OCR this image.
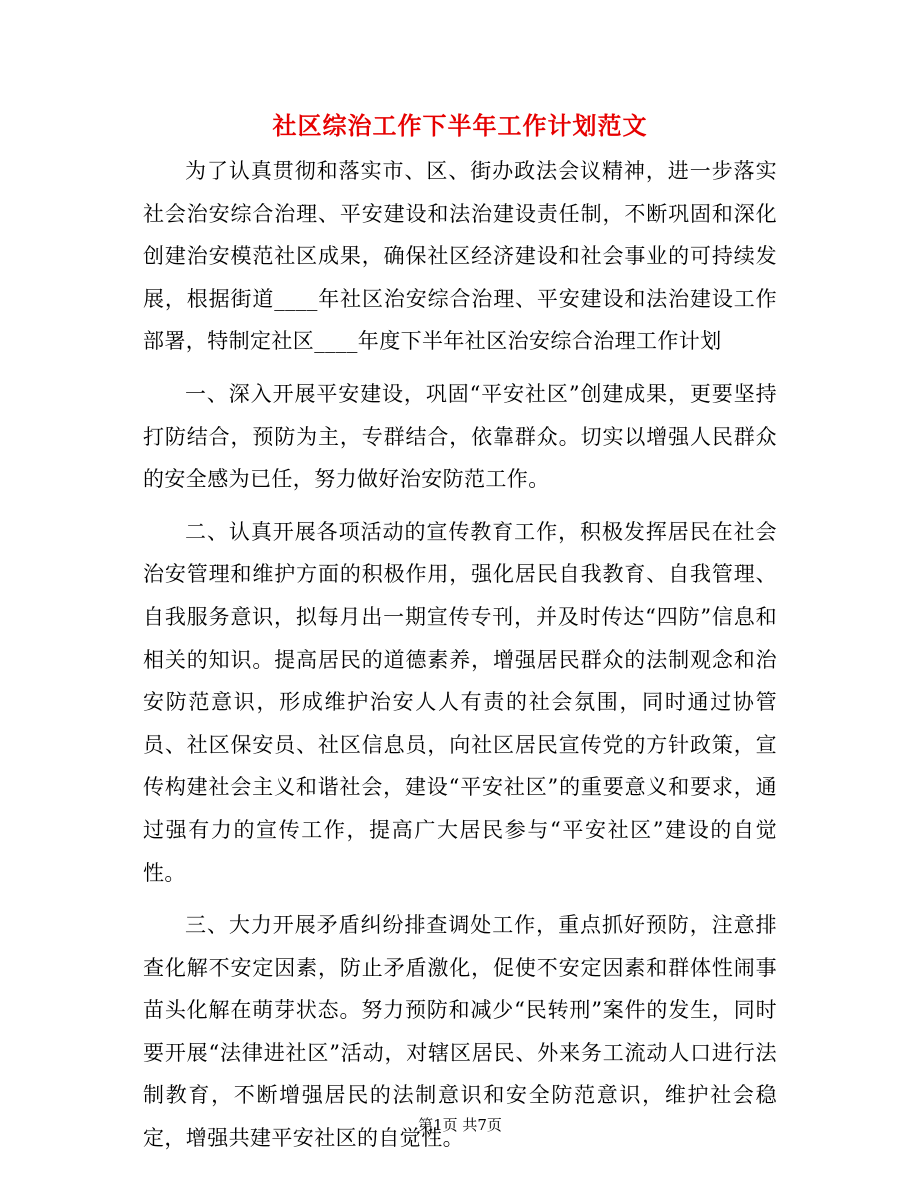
社区综治工作下半年工作计划范文

为了认真贯彻和落实市、区、街办政法会议精神，进一步落实社会治安综合治理、平安建设和法治建设责任制，不断巩固和深化创建治安模范社区成果，确保社区经济建设和社会事业的可持续发展，根据街道____年社区治安综合治理、平安建设和法治建设工作部署，特制定社区____年度下半年社区治安综合治理工作计划

一、深入开展平安建设，巩固“平安社区”创建成果，更要坚持打防结合，预防为主，专群结合，依靠群众。切实以增强人民群众的安全感为已任，努力做好治安防范工作。

二、认真开展各项活动的宣传教育工作，积极发挥居民在社会治安管理和维护方面的积极作用，强化居民自我教育、自我管理、自我服务意识，拟每月出一期宣传专刊，并及时传达“四防”信息和相关的知识。提高居民的道德素养，增强居民群众的法制观念和治安防范意识，形成维护治安人人有责的社会氛围，同时通过协管员、社区保安员、社区信息员，向社区居民宣传党的方针政策，宣传构建社会主义和谐社会，建设“平安社区”的重要意义和要求，通过强有力的宣传工作，提高广大居民参与“平安社区”建设的自觉性。

三、大力开展矛盾纠纷排查调处工作，重点抓好预防，注意排查化解不安定因素，防止矛盾激化，促使不安定因素和群体性闹事苗头化解在萌芽状态。努力预防和减少“民转刑”案件的发生，同时要开展“法律进社区”活动，对辖区居民、外来务工流动人口进行法制教育，不断增强居民的法制意识和安全防范意识，维护社会稳定，增强共建平安社区的自觉性。

第1页 共7页
